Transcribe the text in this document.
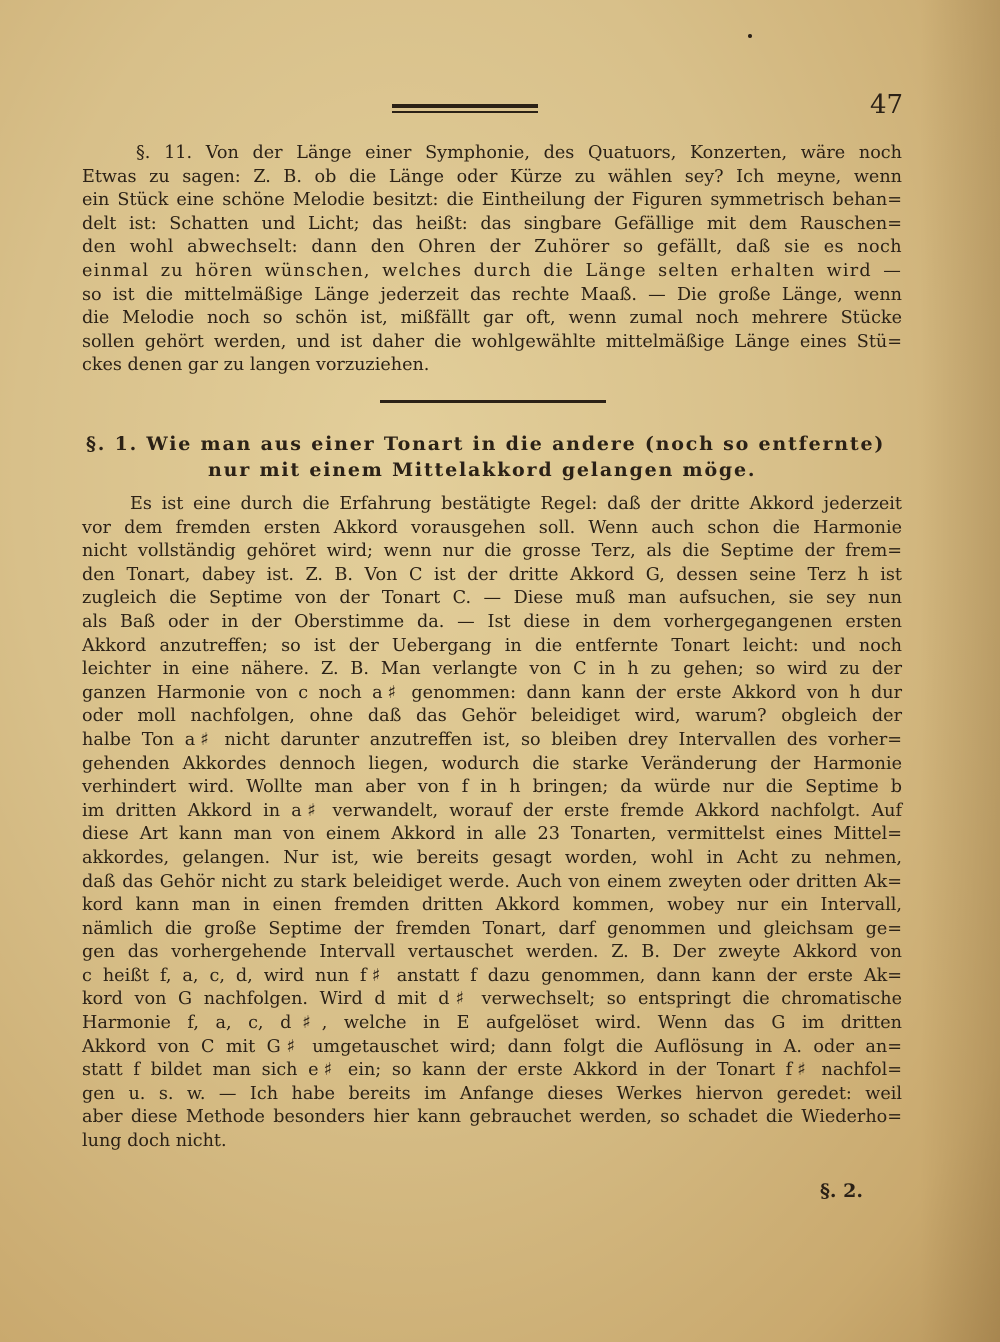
47
§. 11. Von der Länge einer Symphonie, des Quatuors, Konzerten, wäre noch
Etwas zu sagen: Z. B. ob die Länge oder Kürze zu wählen sey? Ich meyne, wenn
ein Stück eine schöne Melodie besitzt: die Eintheilung der Figuren symmetrisch behan=
delt ist: Schatten und Licht; das heißt: das singbare Gefällige mit dem Rauschen=
den wohl abwechselt: dann den Ohren der Zuhörer so gefällt, daß sie es noch
einmal zu hören wünschen, welches durch die Länge selten erhalten wird —
so ist die mittelmäßige Länge jederzeit das rechte Maaß. — Die große Länge, wenn
die Melodie noch so schön ist, mißfällt gar oft, wenn zumal noch mehrere Stücke
sollen gehört werden, und ist daher die wohlgewählte mittelmäßige Länge eines Stü=
ckes denen gar zu langen vorzuziehen.
§. 1. Wie man aus einer Tonart in die andere (noch so entfernte)
nur mit einem Mittelakkord gelangen möge.
Es ist eine durch die Erfahrung bestätigte Regel: daß der dritte Akkord jederzeit
vor dem fremden ersten Akkord vorausgehen soll. Wenn auch schon die Harmonie
nicht vollständig gehöret wird; wenn nur die grosse Terz, als die Septime der frem=
den Tonart, dabey ist. Z. B. Von C ist der dritte Akkord G, dessen seine Terz h ist
zugleich die Septime von der Tonart C. — Diese muß man aufsuchen, sie sey nun
als Baß oder in der Oberstimme da. — Ist diese in dem vorhergegangenen ersten
Akkord anzutreffen; so ist der Uebergang in die entfernte Tonart leicht: und noch
leichter in eine nähere. Z. B. Man verlangte von C in h zu gehen; so wird zu der
ganzen Harmonie von c noch a♯ genommen: dann kann der erste Akkord von h dur
oder moll nachfolgen, ohne daß das Gehör beleidiget wird, warum? obgleich der
halbe Ton a♯ nicht darunter anzutreffen ist, so bleiben drey Intervallen des vorher=
gehenden Akkordes dennoch liegen, wodurch die starke Veränderung der Harmonie
verhindert wird. Wollte man aber von f in h bringen; da würde nur die Septime b
im dritten Akkord in a♯ verwandelt, worauf der erste fremde Akkord nachfolgt. Auf
diese Art kann man von einem Akkord in alle 23 Tonarten, vermittelst eines Mittel=
akkordes, gelangen. Nur ist, wie bereits gesagt worden, wohl in Acht zu nehmen,
daß das Gehör nicht zu stark beleidiget werde. Auch von einem zweyten oder dritten Ak=
kord kann man in einen fremden dritten Akkord kommen, wobey nur ein Intervall,
nämlich die große Septime der fremden Tonart, darf genommen und gleichsam ge=
gen das vorhergehende Intervall vertauschet werden. Z. B. Der zweyte Akkord von
c heißt f, a, c, d, wird nun f♯ anstatt f dazu genommen, dann kann der erste Ak=
kord von G nachfolgen. Wird d mit d♯ verwechselt; so entspringt die chromatische
Harmonie f, a, c, d♯, welche in E aufgelöset wird. Wenn das G im dritten
Akkord von C mit G♯ umgetauschet wird; dann folgt die Auflösung in A. oder an=
statt f bildet man sich e♯ ein; so kann der erste Akkord in der Tonart f♯ nachfol=
gen u. s. w. — Ich habe bereits im Anfange dieses Werkes hiervon geredet: weil
aber diese Methode besonders hier kann gebrauchet werden, so schadet die Wiederho=
lung doch nicht.
§. 2.
